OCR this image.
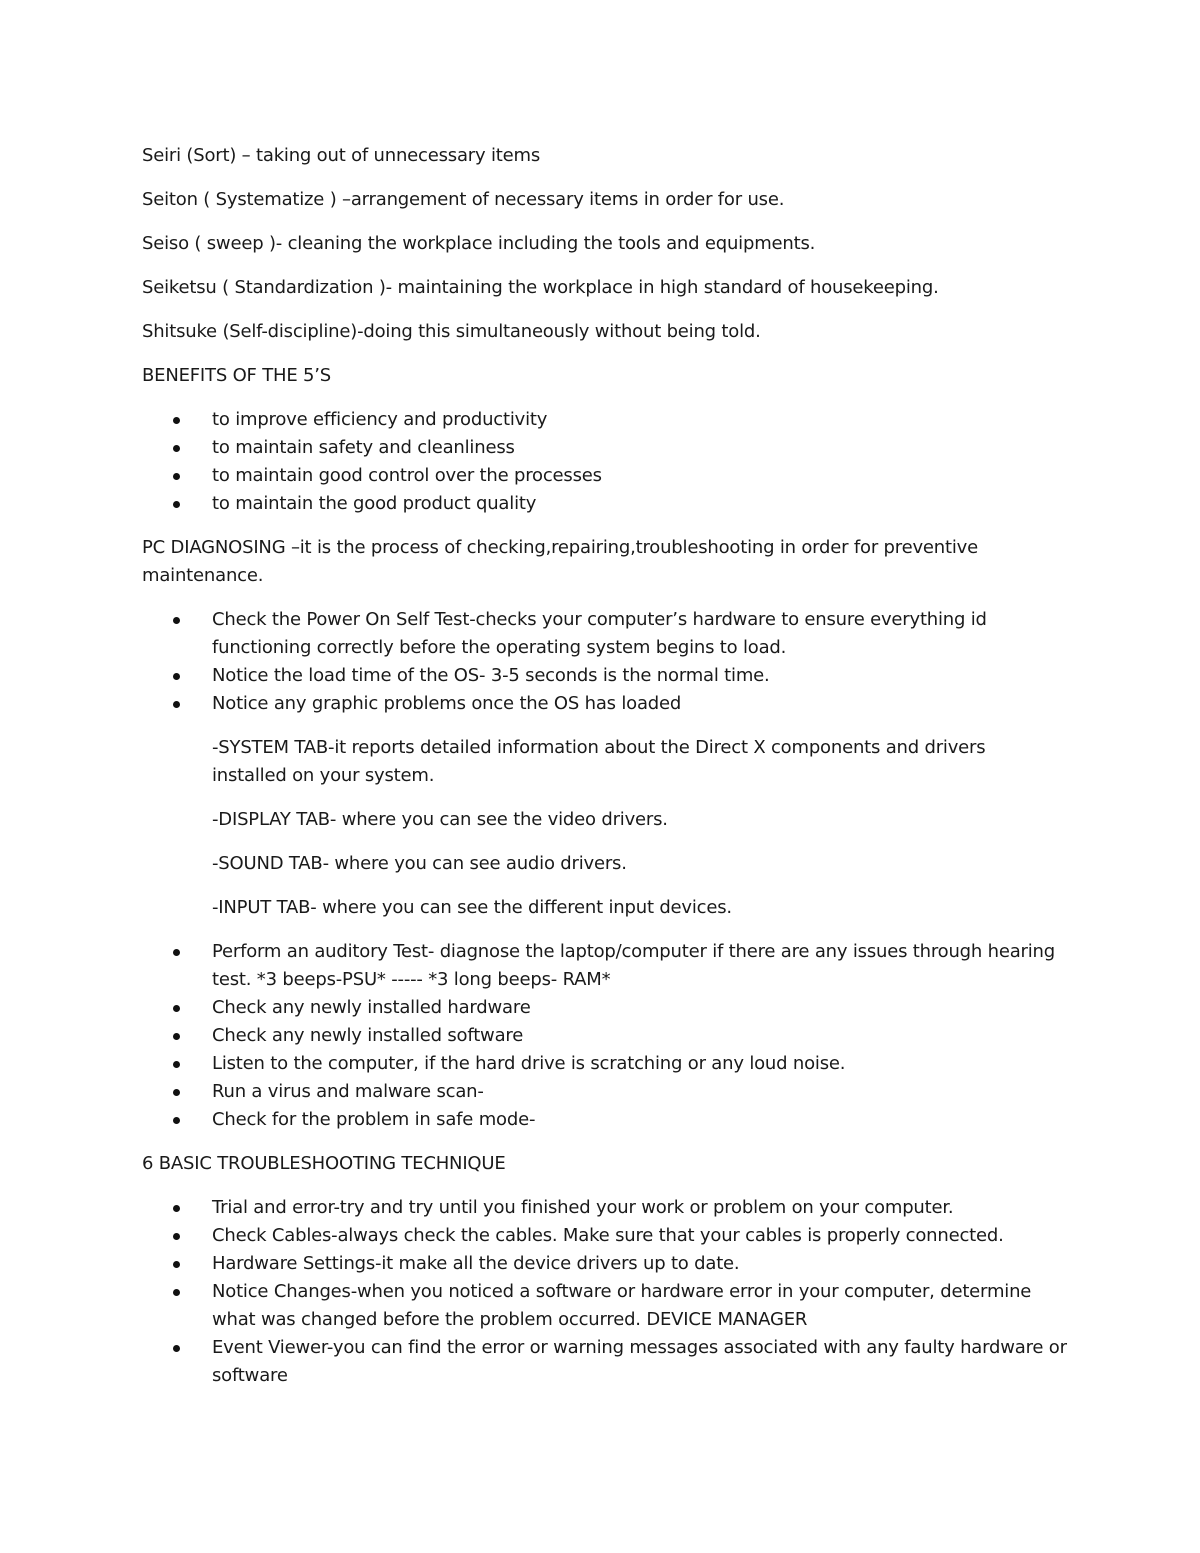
Seiri (Sort) – taking out of unnecessary items

Seiton ( Systematize ) –arrangement of necessary items in order for use.

Seiso ( sweep )- cleaning the workplace including the tools and equipments.

Seiketsu ( Standardization )- maintaining the workplace in high standard of housekeeping.

Shitsuke (Self-discipline)-doing this simultaneously without being told.

BENEFITS OF THE 5’S

to improve efficiency and productivity
to maintain safety and cleanliness
to maintain good control over the processes
to maintain the good product quality

PC DIAGNOSING –it is the process of checking,repairing,troubleshooting in order for preventive maintenance.

Check the Power On Self Test-checks your computer’s hardware to ensure everything id functioning correctly before the operating system begins to load.
Notice the load time of the OS- 3-5 seconds is the normal time.
Notice any graphic problems once the OS has loaded

-SYSTEM TAB-it reports detailed information about the Direct X components and drivers installed on your system.

-DISPLAY TAB- where you can see the video drivers.

-SOUND TAB- where you can see audio drivers.

-INPUT TAB- where you can see the different input devices.

Perform an auditory Test- diagnose the laptop/computer if there are any issues through hearing test. *3 beeps-PSU* ----- *3 long beeps- RAM*
Check any newly installed hardware
Check any newly installed software
Listen to the computer, if the hard drive is scratching or any loud noise.
Run a virus and malware scan-
Check for the problem in safe mode-

6 BASIC TROUBLESHOOTING TECHNIQUE

Trial and error-try and try until you finished your work or problem on your computer.
Check Cables-always check the cables. Make sure that your cables is properly connected.
Hardware Settings-it make all the device drivers up to date.
Notice Changes-when you noticed a software or hardware error in your computer, determine what was changed before the problem occurred. DEVICE MANAGER
Event Viewer-you can find the error or warning messages associated with any faulty hardware or software
